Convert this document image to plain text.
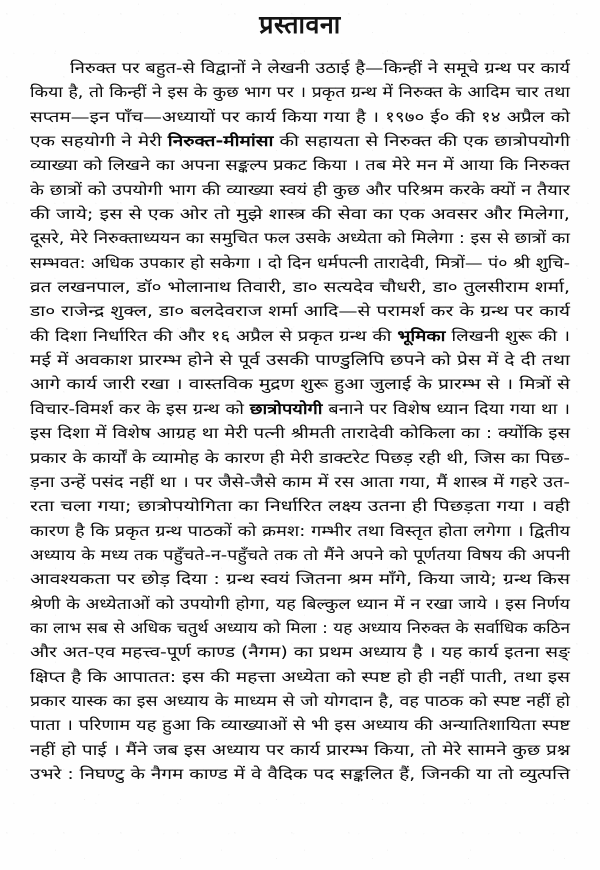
प्रस्तावना
निरुक्त पर बहुत-से विद्वानों ने लेखनी उठाई है—किन्हीं ने समूचे ग्रन्थ पर कार्य
किया है, तो किन्हीं ने इस के कुछ भाग पर । प्रकृत ग्रन्थ में निरुक्त के आदिम चार तथा
सप्तम—इन पाँच—अध्यायों पर कार्य किया गया है । १९७० ई० की १४ अप्रैल को
एक सहयोगी ने मेरी निरुक्त-मीमांसा की सहायता से निरुक्त की एक छात्रोपयोगी
व्याख्या को लिखने का अपना सङ्कल्प प्रकट किया । तब मेरे मन में आया कि निरुक्त
के छात्रों को उपयोगी भाग की व्याख्या स्वयं ही कुछ और परिश्रम करके क्यों न तैयार
की जाये; इस से एक ओर तो मुझे शास्त्र की सेवा का एक अवसर और मिलेगा,
दूसरे, मेरे निरुक्ताध्ययन का समुचित फल उसके अध्येता को मिलेगा : इस से छात्रों का
सम्भवत: अधिक उपकार हो सकेगा । दो दिन धर्मपत्नी ताराद‍ेवी, मित्रों— पं० श्री शुचि-
व्रत लखनपाल, डॉ० भोलानाथ तिवारी, डा० सत्यदेव चौधरी, डा० तुलसीराम शर्मा,
डा० राजेन्द्र शुक्ल, डा० बलदेवराज शर्मा आदि—से परामर्श कर के ग्रन्थ पर कार्य
की दिशा निर्धारित की और १६ अप्रैल से प्रकृत ग्रन्थ की भूमिका लिखनी शुरू की ।
मई में अवकाश प्रारम्भ होने से पूर्व उसकी पाण्डुलिपि छपने को प्रेस में दे दी तथा
आगे कार्य जारी रखा । वास्तविक मुद्रण शुरू हुआ जुलाई के प्रारम्भ से । मित्रों से
विचार-विमर्श कर के इस ग्रन्थ को छात्रोपयोगी बनाने पर विशेष ध्यान दिया गया था ।
इस दिशा में विशेष आग्रह था मेरी पत्नी श्रीमती ताराद‍ेवी कोकिला का : क्योंकि इस
प्रकार के कार्यों के व्यामोह के कारण ही मेरी डाक्टरेट पिछड़ रही थी, जिस का पिछ-
ड़ना उन्हें पसंद नहीं था । पर जैसे-जैसे काम में रस आता गया, मैं शास्त्र में गहरे उत-
रता चला गया; छात्रोपयोगिता का निर्धारित लक्ष्य उतना ही पिछड़ता गया । वही
कारण है कि प्रकृत ग्रन्थ पाठकों को क्रमश: गम्भीर तथा विस्तृत होता लगेगा । द्वितीय
अध्याय के मध्य तक पहुँचते-न-पहुँचते तक तो मैंने अपने को पूर्णतया विषय की अपनी
आवश्यकता पर छोड़ दिया : ग्रन्थ स्वयं जितना श्रम माँगे, किया जाये; ग्रन्थ किस
श्रेणी के अध्येताओं को उपयोगी होगा, यह बिल्कुल ध्यान में न रखा जाये । इस निर्णय
का लाभ सब से अधिक चतुर्थ अध्याय को मिला : यह अध्याय निरुक्त के सर्वाधिक कठिन
और अत-एव महत्त्व-पूर्ण काण्ड (नैगम) का प्रथम अध्याय है । यह कार्य इतना सङ्
क्षिप्त है कि आपातत: इस की महत्ता अध्येता को स्पष्ट हो ही नहीं पाती, तथा इस
प्रकार यास्क का इस अध्याय के माध्यम से जो योगदान है, वह पाठक को स्पष्ट नहीं हो
पाता । परिणाम यह हुआ कि व्याख्याओं से भी इस अध्याय की अन्यातिशायिता स्पष्ट
नहीं हो पाई । मैंने जब इस अध्याय पर कार्य प्रारम्भ किया, तो मेरे सामने कुछ प्रश्न
उभरे : निघण्टु के नैगम काण्ड में वे वैदिक पद सङ्कलित हैं, जिनकी या तो व्युत्पत्ति
